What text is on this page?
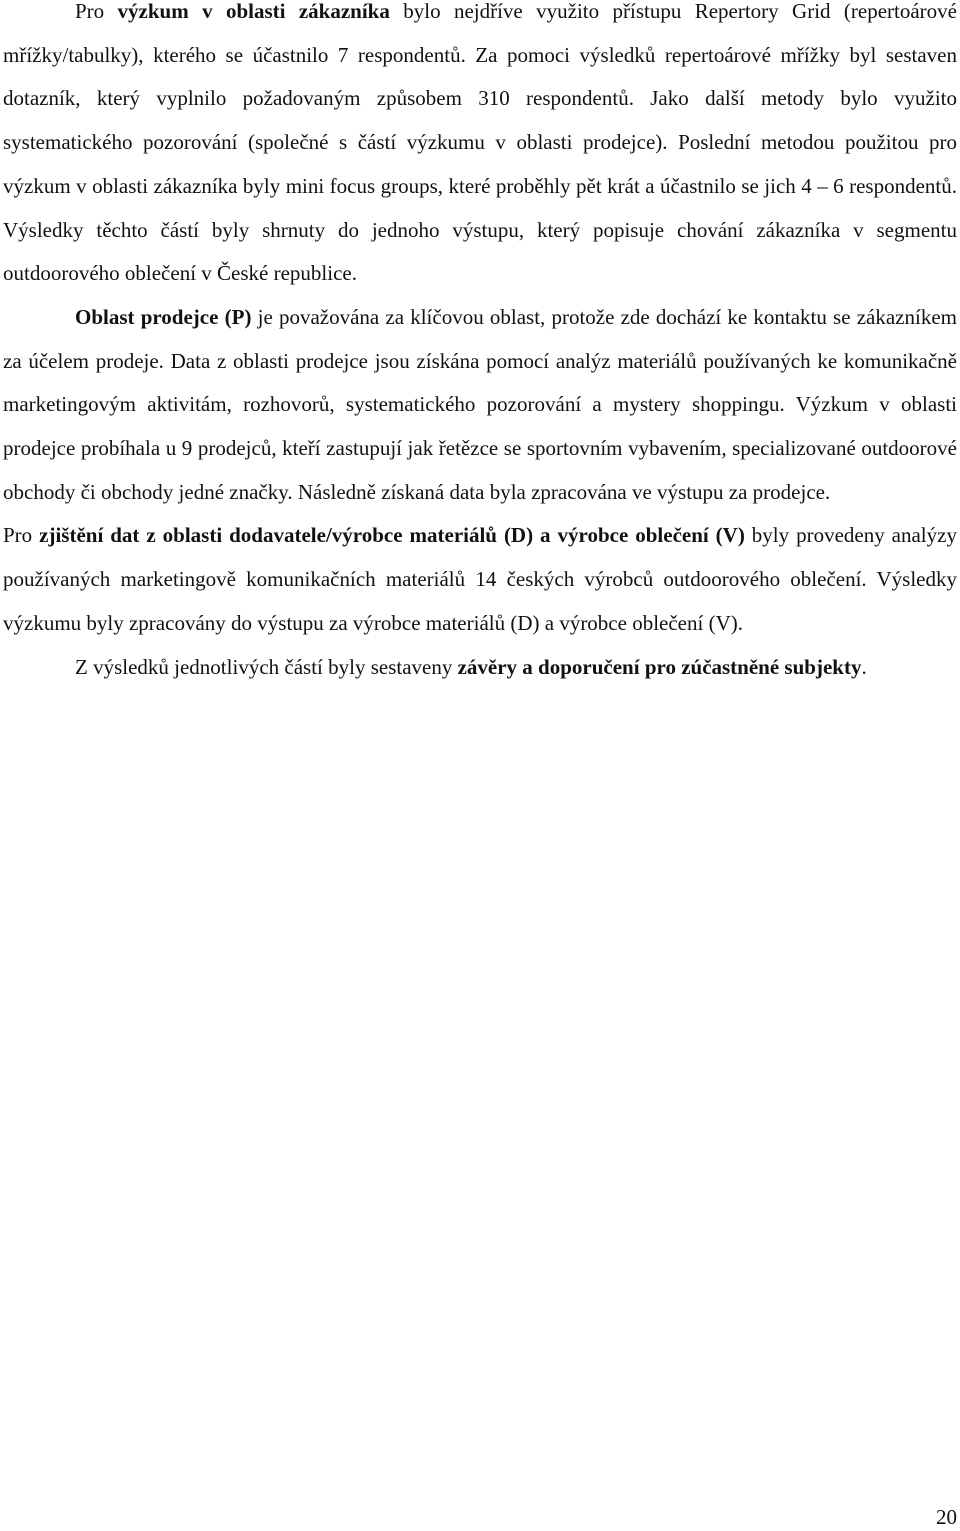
Pro výzkum v oblasti zákazníka bylo nejdříve využito přístupu Repertory Grid (repertoárové mřížky/tabulky), kterého se účastnilo 7 respondentů. Za pomoci výsledků repertoárové mřížky byl sestaven dotazník, který vyplnilo požadovaným způsobem 310 respondentů. Jako další metody bylo využito systematického pozorování (společné s částí výzkumu v oblasti prodejce). Poslední metodou použitou pro výzkum v oblasti zákazníka byly mini focus groups, které proběhly pět krát a účastnilo se jich 4 – 6 respondentů. Výsledky těchto částí byly shrnuty do jednoho výstupu, který popisuje chování zákazníka v segmentu outdoorového oblečení v České republice.

Oblast prodejce (P) je považována za klíčovou oblast, protože zde dochází ke kontaktu se zákazníkem za účelem prodeje. Data z oblasti prodejce jsou získána pomocí analýz materiálů používaných ke komunikačně marketingovým aktivitám, rozhovorů, systematického pozorování a mystery shoppingu. Výzkum v oblasti prodejce probíhala u 9 prodejců, kteří zastupují jak řetězce se sportovním vybavením, specializované outdoorové obchody či obchody jedné značky. Následně získaná data byla zpracována ve výstupu za prodejce.

Pro zjištění dat z oblasti dodavatele/výrobce materiálů (D) a výrobce oblečení (V) byly provedeny analýzy používaných marketingově komunikačních materiálů 14 českých výrobců outdoorového oblečení. Výsledky výzkumu byly zpracovány do výstupu za výrobce materiálů (D) a výrobce oblečení (V).

Z výsledků jednotlivých částí byly sestaveny závěry a doporučení pro zúčastněné subjekty.

20
